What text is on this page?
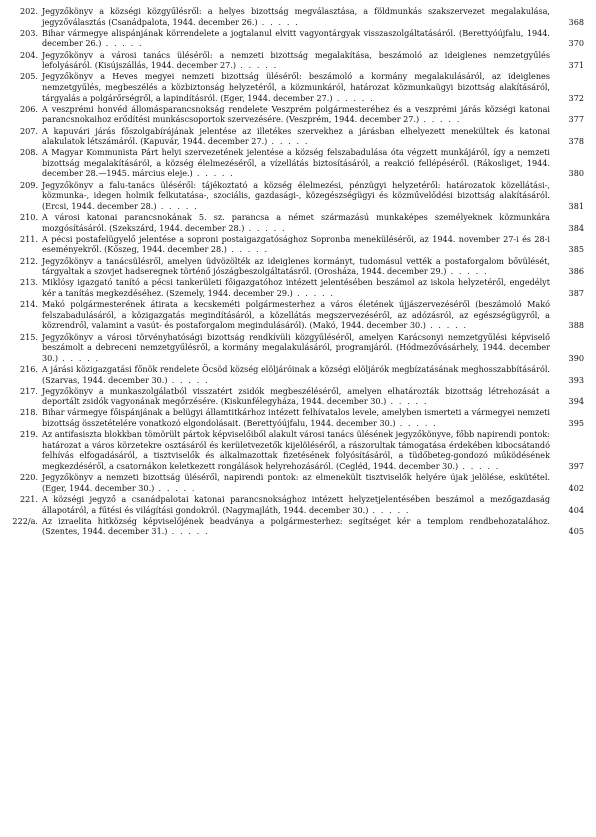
202. Jegyzőkönyv a községi közgyűlésről: a helyes bizottság megválasztása, a földmunkás szakszervezet megalakulása, jegyzőválasztás (Csanádpalota, 1944. december 26.) . . . . .	368
203. Bihar vármegye alispánjának körrendelete a jogtalanul elvitt vagyontárgyak visszaszolgáltatásáról. (Berettyóújfalu, 1944. december 26.) . . . . .	370
204. Jegyzőkönyv a városi tanács üléséről: a nemzeti bizottság megalakítása, beszámoló az ideiglenes nemzetgyűlés lefolyásáról. (Kisújszállás, 1944. december 27.) . . . . .	371
205. Jegyzőkönyv a Heves megyei nemzeti bizottság üléséről: beszámoló a kormány megalakulásáról, az ideiglenes nemzetgyűlés, megbeszélés a közbiztonság helyzetéről, a közmunkáról, határozat közmunkaügyi bizottság alakításáról, tárgyalás a polgárőrségről, a lapindításról. (Eger, 1944. december 27.) . . . . .	372
206. A veszprémi honvéd állomásparancsnokság rendelete Veszprém polgármesteréhez és a veszprémi járás községi katonai parancsnokaihoz erődítési munkáscsoportok szervezésére. (Veszprém, 1944. december 27.) . . . . .	377
207. A kapuvári járás főszolgabírájának jelentése az illetékes szervekhez a járásban elhelyezett menekültek és katonai alakulatok létszámáról. (Kapuvár, 1944. december 27.) . . . . .	378
208. A Magyar Kommunista Párt helyi szervezetének jelentése a község felszabadulása óta végzett munkájáról, így a nemzeti bizottság megalakításáról, a község élelmezéséről, a vízellátás biztosításáról, a reakció fellépéséről. (Rákosliget, 1944. december 28.—1945. március eleje.) . . . . .	380
209. Jegyzőkönyv a falu-tanács üléséről: tájékoztató a község élelmezési, pénzügyi helyzetéről: határozatok közellátási-, közmunka-, idegen holmik felkutatása-, szociális, gazdasági-, közegészségügyi és közművelődési bizottság alakításáról. (Ercsi, 1944. december 28.) . . . . .	381
210. A városi katonai parancsnokának 5. sz. parancsa a német származású munkaképes személyeknek közmunkára mozgósításáról. (Szekszárd, 1944. december 28.) . . . . .	384
211. A pécsi postafelügyelő jelentése a soproni postaigazgatósághoz Sopronba menekülésérői, az 1944. november 27-i és 28-i eseményekről. (Kőszeg, 1944. december 28.) . . . . .	385
212. Jegyzőkönyv a tanácsülésről, amelyen üdvözölték az ideiglenes kormányt, tudomásul vették a postaforgalom bővülését, tárgyaltak a szovjet hadseregnek történő jószágbeszolgáltatásról. (Orosháza, 1944. december 29.) . . . . .	386
213. Miklósy igazgató tanító a pécsi tankerületi főigazgatóhoz intézett jelentésében beszámol az iskola helyzetéről, engedélyt kér a tanítás megkezdéséhez. (Szemely, 1944. december 29.) . . . . .	387
214. Makó polgármesterének átirata a kecskeméti polgármesterhez a város életének újjászervezéséről (beszámoló Makó felszabadulásáról, a közigazgatás megindításáról, a közellátás megszervezéséről, az adózásról, az egészségügyről, a közrendről, valamint a vasút- és postaforgalom megindulásáról). (Makó, 1944. december 30.) . . . . .	388
215. Jegyzőkönyv a városi törvényhatósági bizottság rendkívüli közgyűléséről, amelyen Karácsonyi nemzetgyűlési képviselő beszámolt a debreceni nemzetgyűlésről, a kormány megalakulásáról, programjáról. (Hódmezővásárhely, 1944. december 30.) . . . . .	390
216. A járási közigazgatási főnök rendelete Öcsöd község elöljáróinak a községi elöljárók megbízatásának meghosszabbításáról. (Szarvas, 1944. december 30.) . . . . .	393
217. Jegyzőkönyv a munkaszolgálatból visszatért zsidók megbeszéléséről, amelyen elhatározták bizottság létrehozását a deportált zsidók vagyonának megőrzésére. (Kiskunfélegyháza, 1944. december 30.) . . . . .	394
218. Bihar vármegye főispánjának a belügyi államtitkárhoz intézett felhívatalos levele, amelyben ismerteti a vármegyei nemzeti bizottság összetételére vonatkozó elgondolásait. (Berettyóújfalu, 1944. december 30.) . . . . .	395
219. Az antifasiszta blokkban tömörült pártok képviselőiből alakult városi tanács ülésének jegyzőkönyve, főbb napirendi pontok: határozat a város körzetekre osztásáról és kerületvezetők kijelöléséről, a rászorultak támogatása érdekében kibocsátandó felhívás elfogadásáról, a tisztviselők és alkalmazottak fizetésének folyósításáról, a tüdőbeteg-gondozó működésének megkezdéséről, a csatornákon keletkezett rongálások helyrehozásáról. (Cegléd, 1944. december 30.) . . . . .	397
220. Jegyzőkönyv a nemzeti bizottság üléséről, napirendi pontok: az elmenekült tisztviselők helyére újak jelölése, eskütétel. (Eger, 1944. december 30.) . . . . .	402
221. A községi jegyző a csanádpalotai katonai parancsnoksághoz intézett helyzetjelentésében beszámol a mezőgazdaság állapotáról, a fűtési és világítási gondokról. (Nagymajláth, 1944. december 30.) . . . . .	404
222/a. Az izraelita hitközség képviselőjének beadványa a polgármesterhez: segítséget kér a templom rendbehozatalához. (Szentes, 1944. december 31.) . . . . .	405
